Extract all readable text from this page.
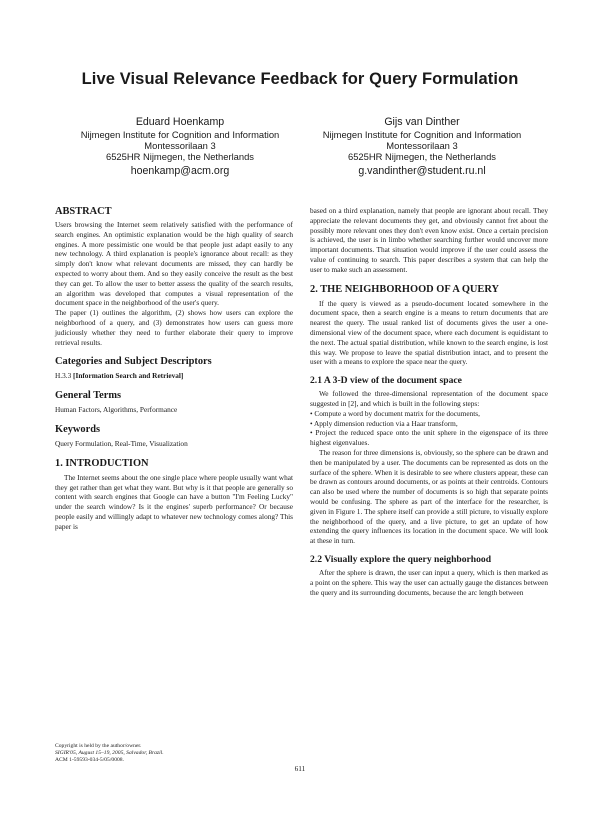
Live Visual Relevance Feedback for Query Formulation
Eduard Hoenkamp
Nijmegen Institute for Cognition and Information
Montessorilaan 3
6525HR Nijmegen, the Netherlands
hoenkamp@acm.org
Gijs van Dinther
Nijmegen Institute for Cognition and Information
Montessorilaan 3
6525HR Nijmegen, the Netherlands
g.vandinther@student.ru.nl
ABSTRACT

Users browsing the Internet seem relatively satisfied with the performance of search engines. An optimistic explanation would be the high quality of search engines. A more pessimistic one would be that people just adapt easily to any new technology. A third explanation is people's ignorance about recall: as they simply don't know what relevant documents are missed, they can hardly be expected to worry about them. And so they easily conceive the result as the best they can get. To allow the user to better assess the quality of the search results, an algorithm was developed that computes a visual representation of the document space in the neighborhood of the user's query.

The paper (1) outlines the algorithm, (2) shows how users can explore the neighborhood of a query, and (3) demonstrates how users can guess more judiciously whether they need to further elaborate their query to improve retrieval results.

Categories and Subject Descriptors

H.3.3 [Information Search and Retrieval]

General Terms

Human Factors, Algorithms, Performance

Keywords

Query Formulation, Real-Time, Visualization

1. INTRODUCTION

The Internet seems about the one single place where people usually want what they get rather than get what they want. But why is it that people are generally so content with search engines that Google can have a button "I'm Feeling Lucky" under the search window? Is it the engines' superb performance? Or because people easily and willingly adapt to whatever new technology comes along? This paper is

Copyright is held by the author/owner.
SIGIR'05, August 15–19, 2005, Salvador, Brazil.
ACM 1-59593-034-5/05/0008.

based on a third explanation, namely that people are ignorant about recall. They appreciate the relevant documents they get, and obviously cannot fret about the possibly more relevant ones they don't even know exist. Once a certain precision is achieved, the user is in limbo whether searching further would uncover more important documents. That situation would improve if the user could assess the value of continuing to search. This paper describes a system that can help the user to make such an assessment.

2. THE NEIGHBORHOOD OF A QUERY

If the query is viewed as a pseudo-document located somewhere in the document space, then a search engine is a means to return documents that are nearest the query. The usual ranked list of documents gives the user a one-dimensional view of the document space, where each document is equidistant to the next. The actual spatial distribution, while known to the search engine, is lost this way. We propose to leave the spatial distribution intact, and to present the user with a means to explore the space near the query.

2.1 A 3-D view of the document space

We followed the three-dimensional representation of the document space suggested in [2], and which is built in the following steps:

• Compute a word by document matrix for the documents,
• Apply dimension reduction via a Haar transform,
• Project the reduced space onto the unit sphere in the eigenspace of its three highest eigenvalues.

The reason for three dimensions is, obviously, so the sphere can be drawn and then be manipulated by a user. The documents can be represented as dots on the surface of the sphere. When it is desirable to see where clusters appear, these can be drawn as contours around documents, or as points at their centroids. Contours can also be used where the number of documents is so high that separate points would be confusing. The sphere as part of the interface for the researcher, is given in Figure 1. The sphere itself can provide a still picture, to visually explore the neighborhood of the query, and a live picture, to get an update of how extending the query influences its location in the document space. We will look at these in turn.

2.2 Visually explore the query neighborhood

After the sphere is drawn, the user can input a query, which is then marked as a point on the sphere. This way the user can actually gauge the distances between the query and its surrounding documents, because the arc length between

611
